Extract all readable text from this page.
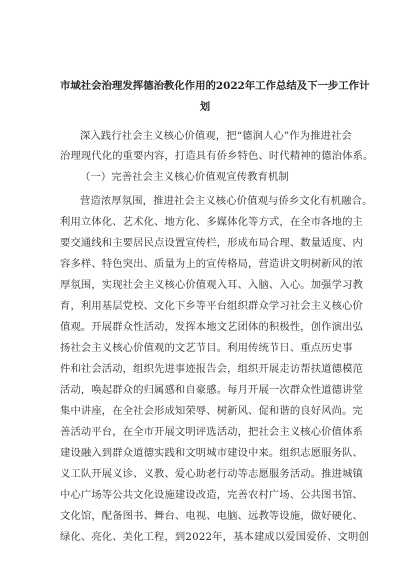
市域社会治理发挥德治教化作用的2022年工作总结及下一步工作计
划
深入践行社会主义核心价值观，把“德润人心”作为推进社会
治理现代化的重要内容，打造具有侨乡特色、时代精神的德治体系。
（一）完善社会主义核心价值观宣传教育机制
营造浓厚氛围，推进社会主义核心价值观与侨乡文化有机融合。
利用立体化、艺术化、地方化、多媒体化等方式，在全市各地的主
要交通线和主要居民点设置宣传栏，形成布局合理、数量适度、内
容多样、特色突出、质量为上的宣传格局，营造讲文明树新风的浓
厚氛围，实现社会主义核心价值观入耳、入脑、入心。加强学习教
育，利用基层党校、文化下乡等平台组织群众学习社会主义核心价
值观。开展群众性活动，发挥本地文艺团体的积极性，创作演出弘
扬社会主义核心价值观的文艺节目。利用传统节日、重点历史事
件和社会活动，组织先进事迹报告会，组织开展走访帮扶道德模范
活动，唤起群众的归属感和自豪感。每月开展一次群众性道德讲堂
集中讲座，在全社会形成知荣辱、树新风、促和谐的良好风尚。完
善活动平台，在全市开展文明评选活动，把社会主义核心价值体系
建设融入到群众道德实践和文明城市建设中来。组织志愿服务队、
义工队开展义诊、义教、爱心助老行动等志愿服务活动。推进城镇
中心广场等公共文化设施建设改造，完善农村广场、公共图书馆、
文化馆，配备图书、舞台、电视、电脑、远教等设施，做好硬化、
绿化、亮化、美化工程，到2022年，基本建成以爱国爱侨、文明创
